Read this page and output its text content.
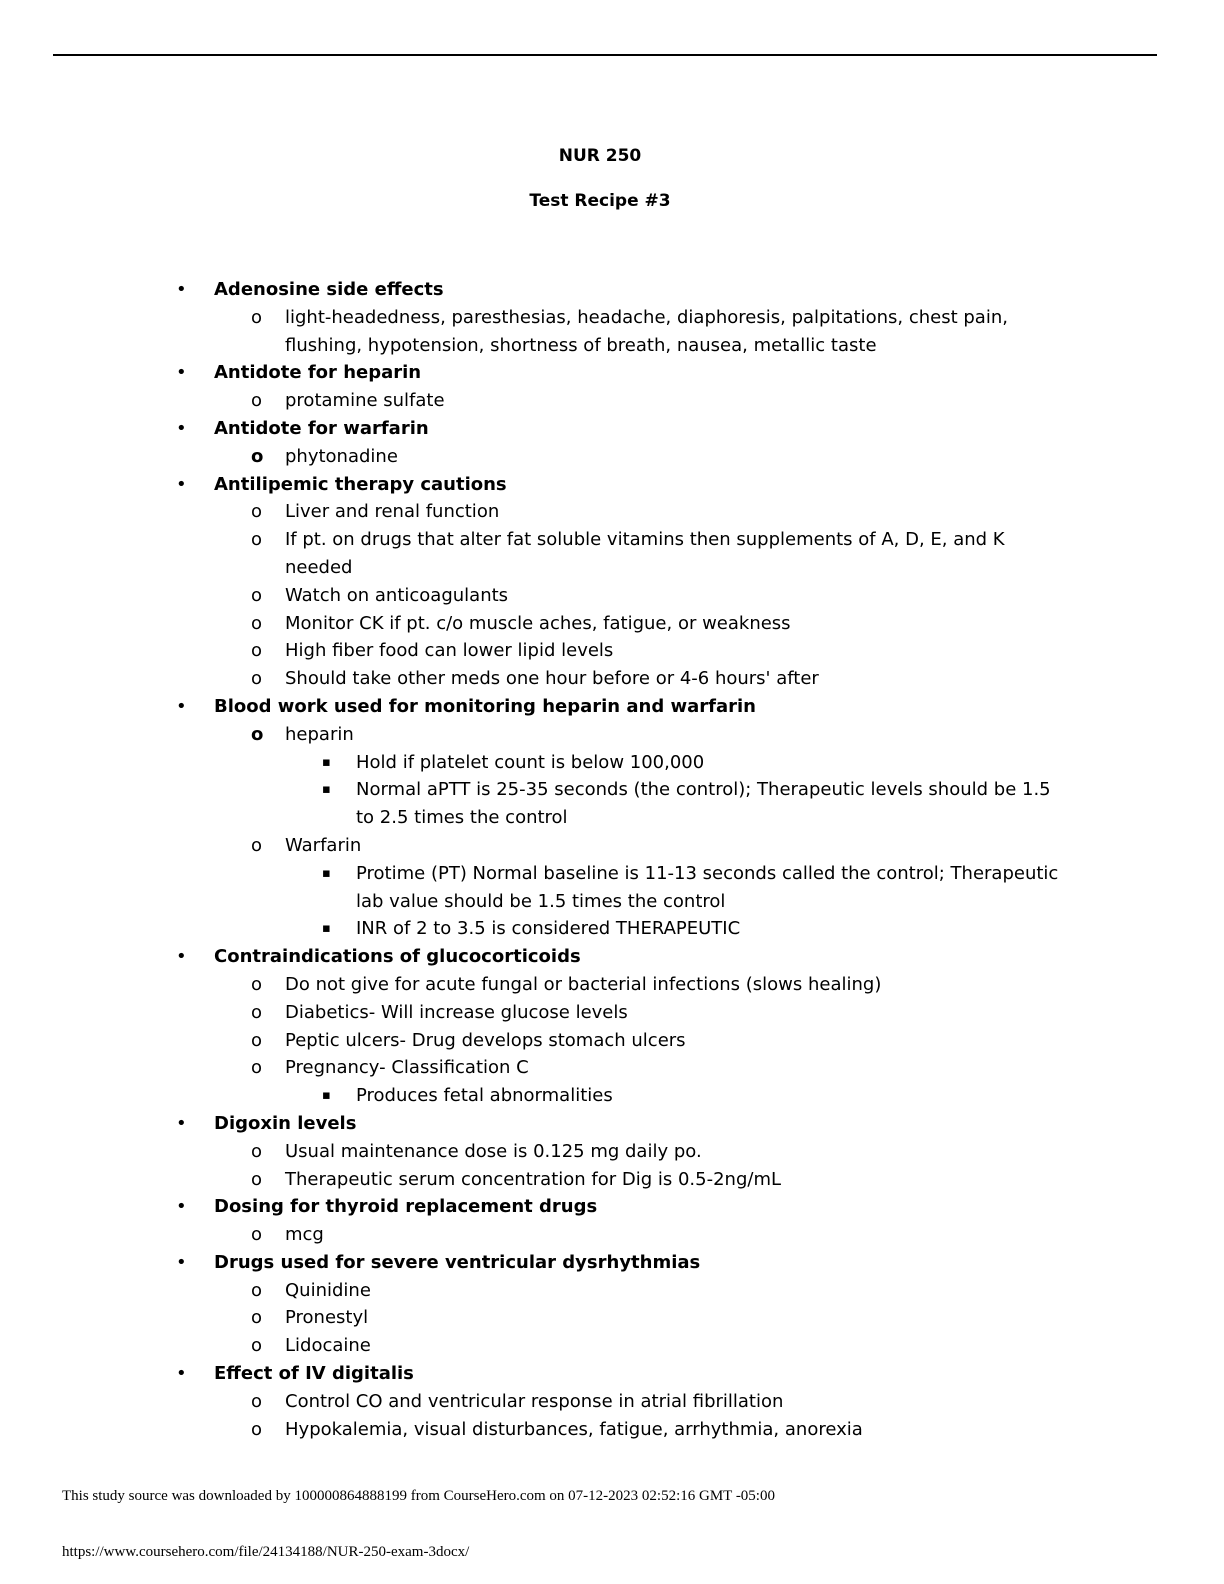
NUR 250
Test Recipe #3
• Adenosine side effects
o light-headedness, paresthesias, headache, diaphoresis, palpitations, chest pain, flushing, hypotension, shortness of breath, nausea, metallic taste
• Antidote for heparin
o protamine sulfate
• Antidote for warfarin
o phytonadine
• Antilipemic therapy cautions
o Liver and renal function
o If pt. on drugs that alter fat soluble vitamins then supplements of A, D, E, and K needed
o Watch on anticoagulants
o Monitor CK if pt. c/o muscle aches, fatigue, or weakness
o High fiber food can lower lipid levels
o Should take other meds one hour before or 4-6 hours' after
• Blood work used for monitoring heparin and warfarin
o heparin
▪ Hold if platelet count is below 100,000
▪ Normal aPTT is 25-35 seconds (the control); Therapeutic levels should be 1.5 to 2.5 times the control
o Warfarin
▪ Protime (PT) Normal baseline is 11-13 seconds called the control; Therapeutic lab value should be 1.5 times the control
▪ INR of 2 to 3.5 is considered THERAPEUTIC
• Contraindications of glucocorticoids
o Do not give for acute fungal or bacterial infections (slows healing)
o Diabetics- Will increase glucose levels
o Peptic ulcers- Drug develops stomach ulcers
o Pregnancy- Classification C
▪ Produces fetal abnormalities
• Digoxin levels
o Usual maintenance dose is 0.125 mg daily po.
o Therapeutic serum concentration for Dig is 0.5-2ng/mL
• Dosing for thyroid replacement drugs
o mcg
• Drugs used for severe ventricular dysrhythmias
o Quinidine
o Pronestyl
o Lidocaine
• Effect of IV digitalis
o Control CO and ventricular response in atrial fibrillation
o Hypokalemia, visual disturbances, fatigue, arrhythmia, anorexia
This study source was downloaded by 100000864888199 from CourseHero.com on 07-12-2023 02:52:16 GMT -05:00
https://www.coursehero.com/file/24134188/NUR-250-exam-3docx/
